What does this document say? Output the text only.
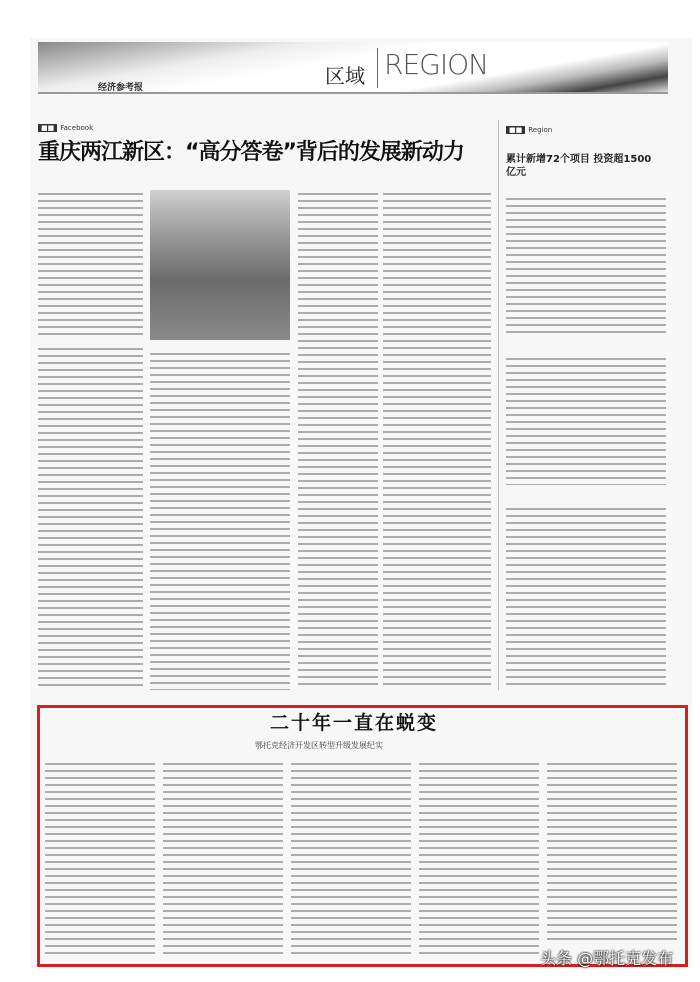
经济参考报	区域 REGION
■■ Facebook
重庆两江新区：“高分答卷”背后的发展新动力
■■ Region
累计新增72个项目 投资超1500亿元
二十年一直在蜕变
鄂托克经济开发区转型升级发展纪实
头条 @鄂托克发布
